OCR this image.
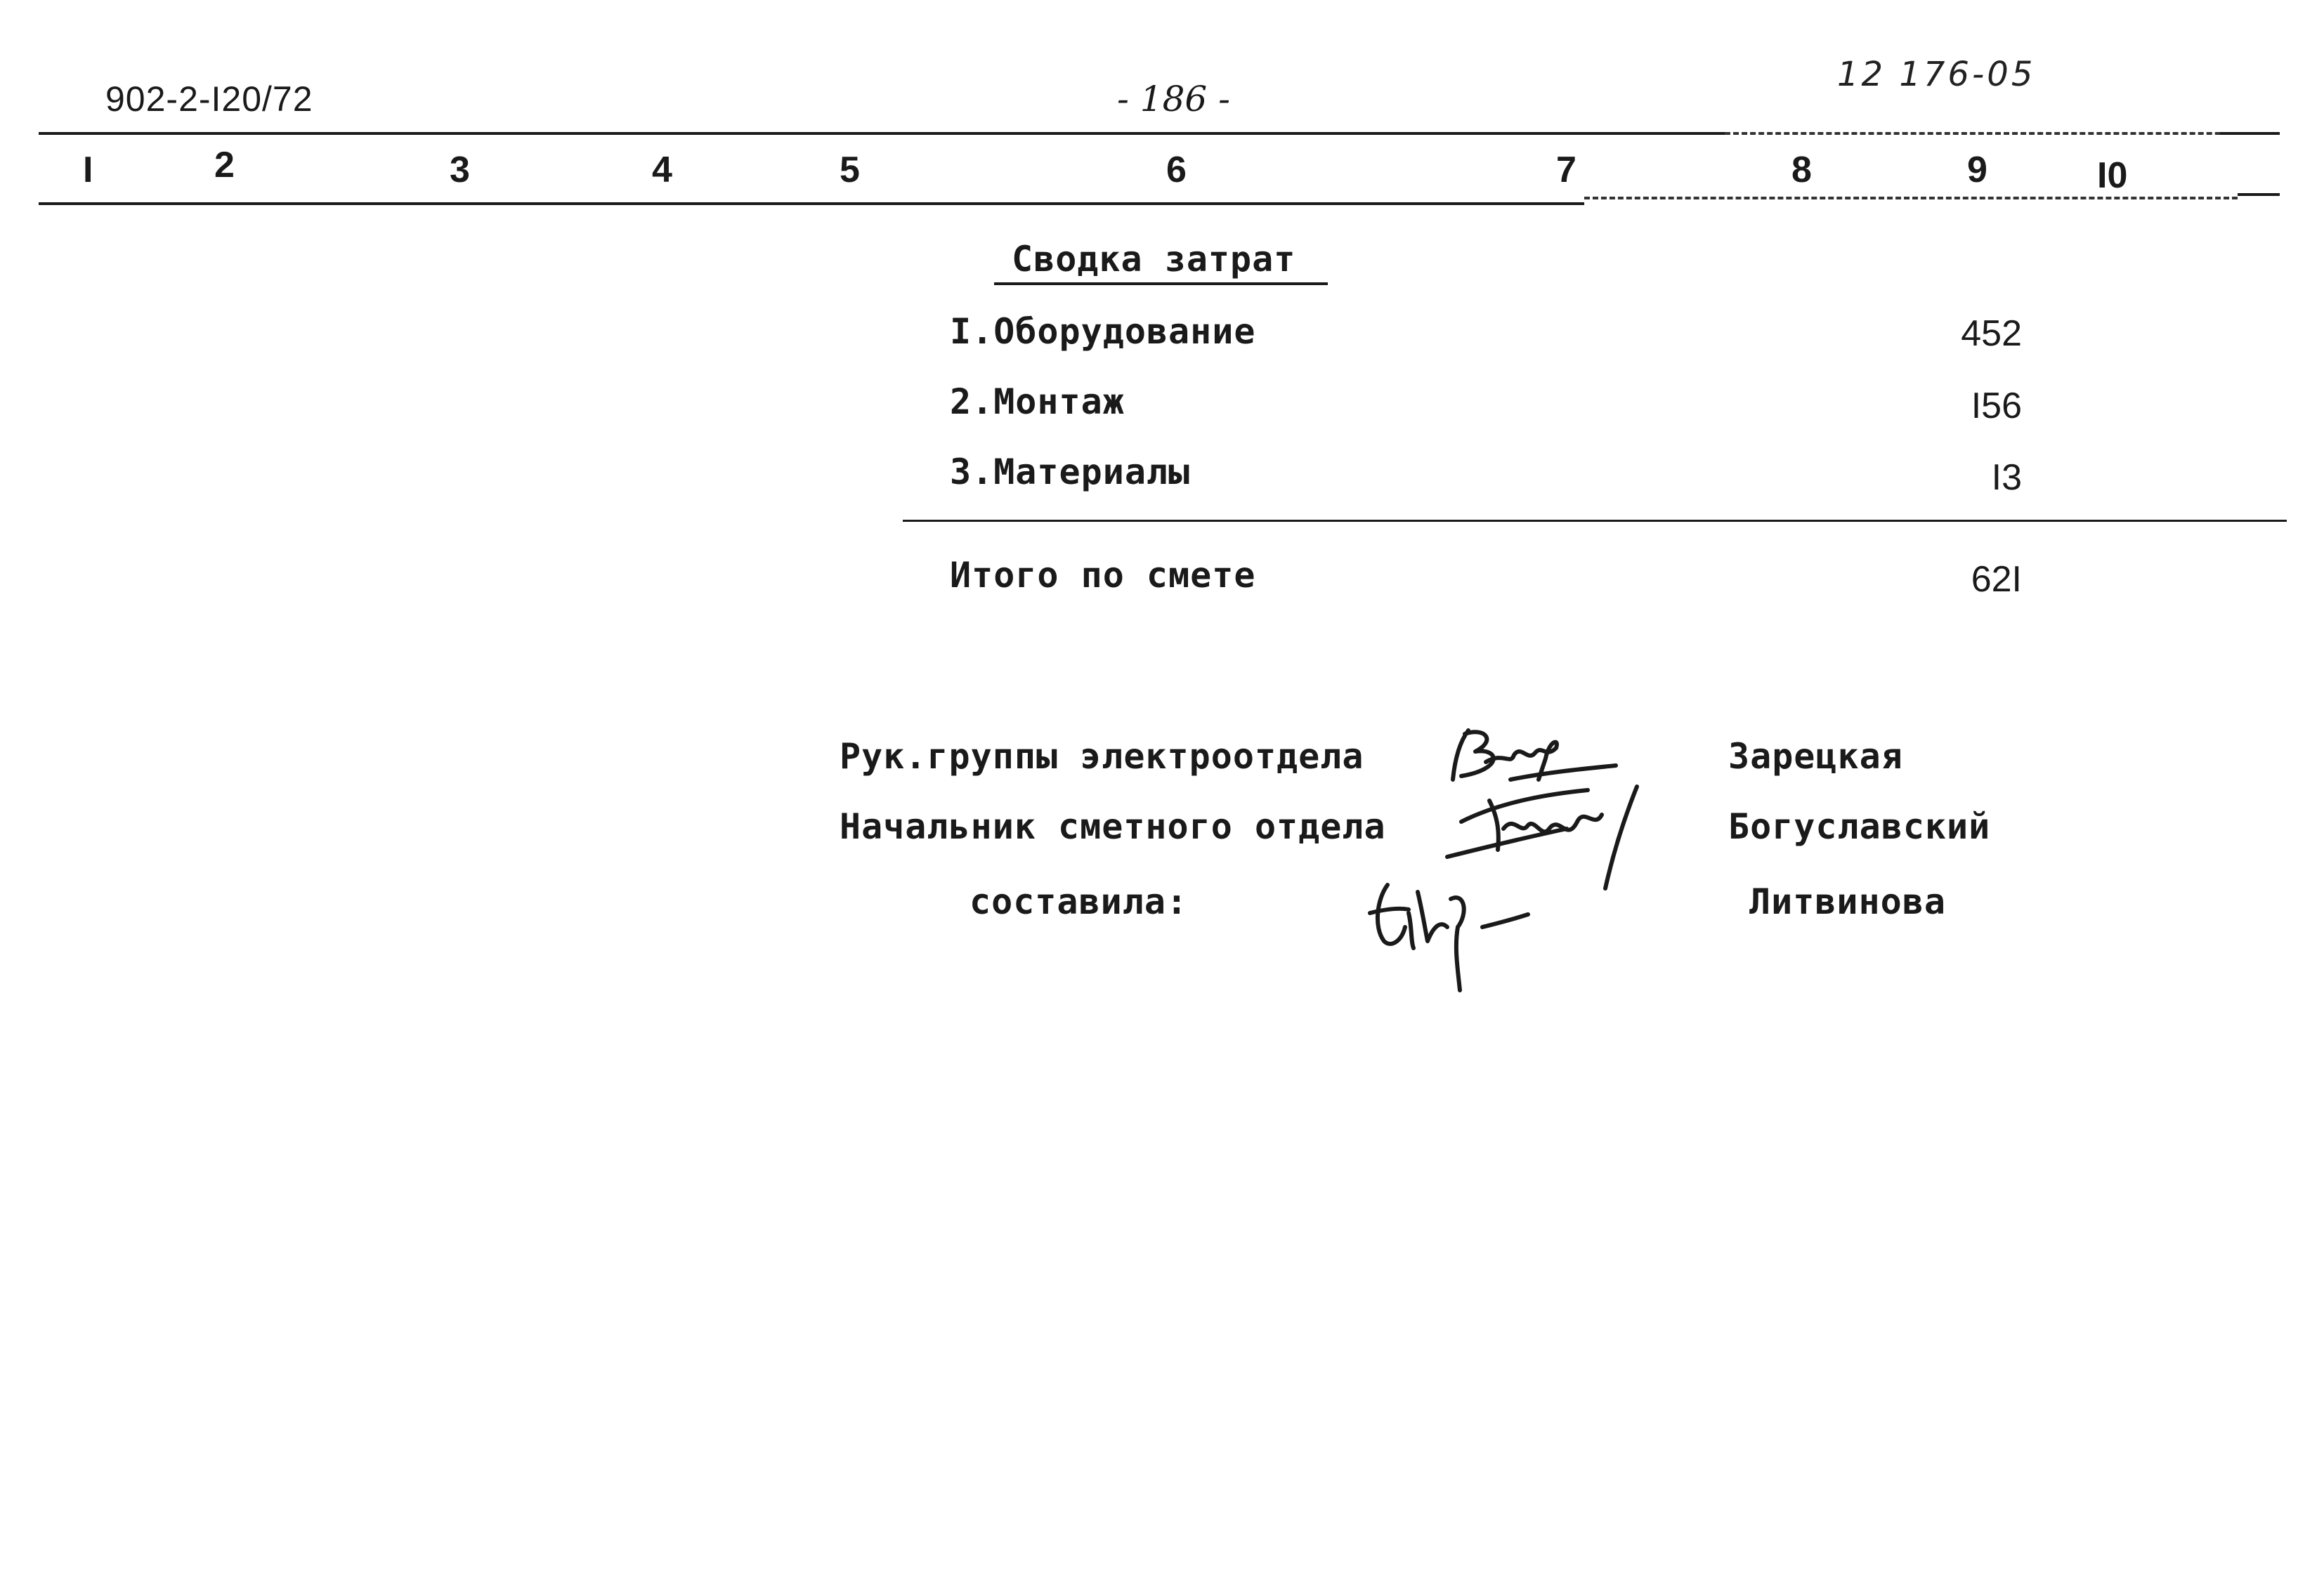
902-2-I20/72	- 186 -
12 176-05
I	2	3	4	5	6	7	8	9	I0
Сводка затрат
I.Оборудование	452
2.Монтаж	I56
3.Материалы	I3
Итого по смете	62I
Рук.группы электроотдела	Зарецкая
Начальник сметного отдела	Богуславский
составила:	Литвинова
